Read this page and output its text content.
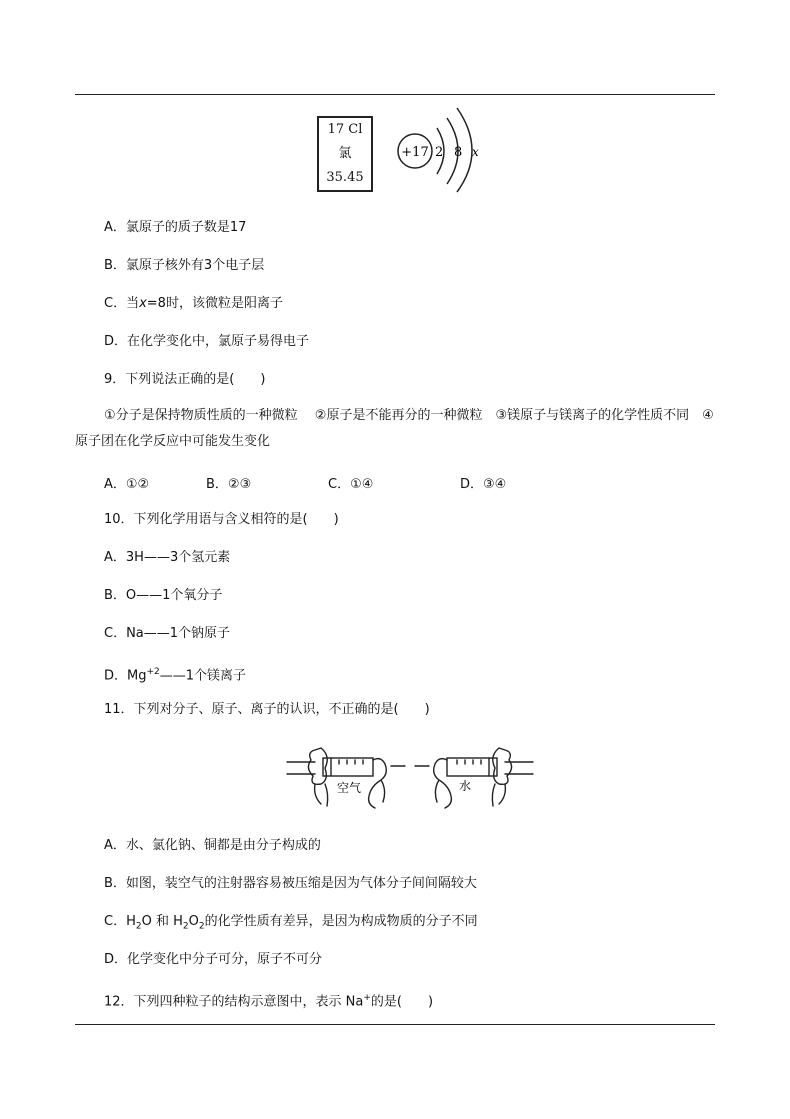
17 Cl
氯
35.45
+17 2 8 x
A．氯原子的质子数是17
B．氯原子核外有3个电子层
C．当x=8时，该微粒是阳离子
D．在化学变化中，氯原子易得电子
9．下列说法正确的是(　　)
①分子是保持物质性质的一种微粒　 ②原子是不能再分的一种微粒　③镁原子与镁离子的化学性质不同　④原子团在化学反应中可能发生变化
A．①②	B．②③	C．①④	D．③④
10．下列化学用语与含义相符的是(　　)
A．3H——3个氢元素
B．O——1个氧分子
C．Na——1个钠原子
D．$Mg^{+2}——1$个镁离子
11．下列对分子、原子、离子的认识，不正确的是(　　)
空气	水
A．水、氯化钠、铜都是由分子构成的
B．如图，装空气的注射器容易被压缩是因为气体分子间间隔较大
C．$H_2O$ 和 $H_2O_2$的化学性质有差异，是因为构成物质的分子不同
D．化学变化中分子可分，原子不可分
12．下列四种粒子的结构示意图中，表示 Na+的是(　　)
